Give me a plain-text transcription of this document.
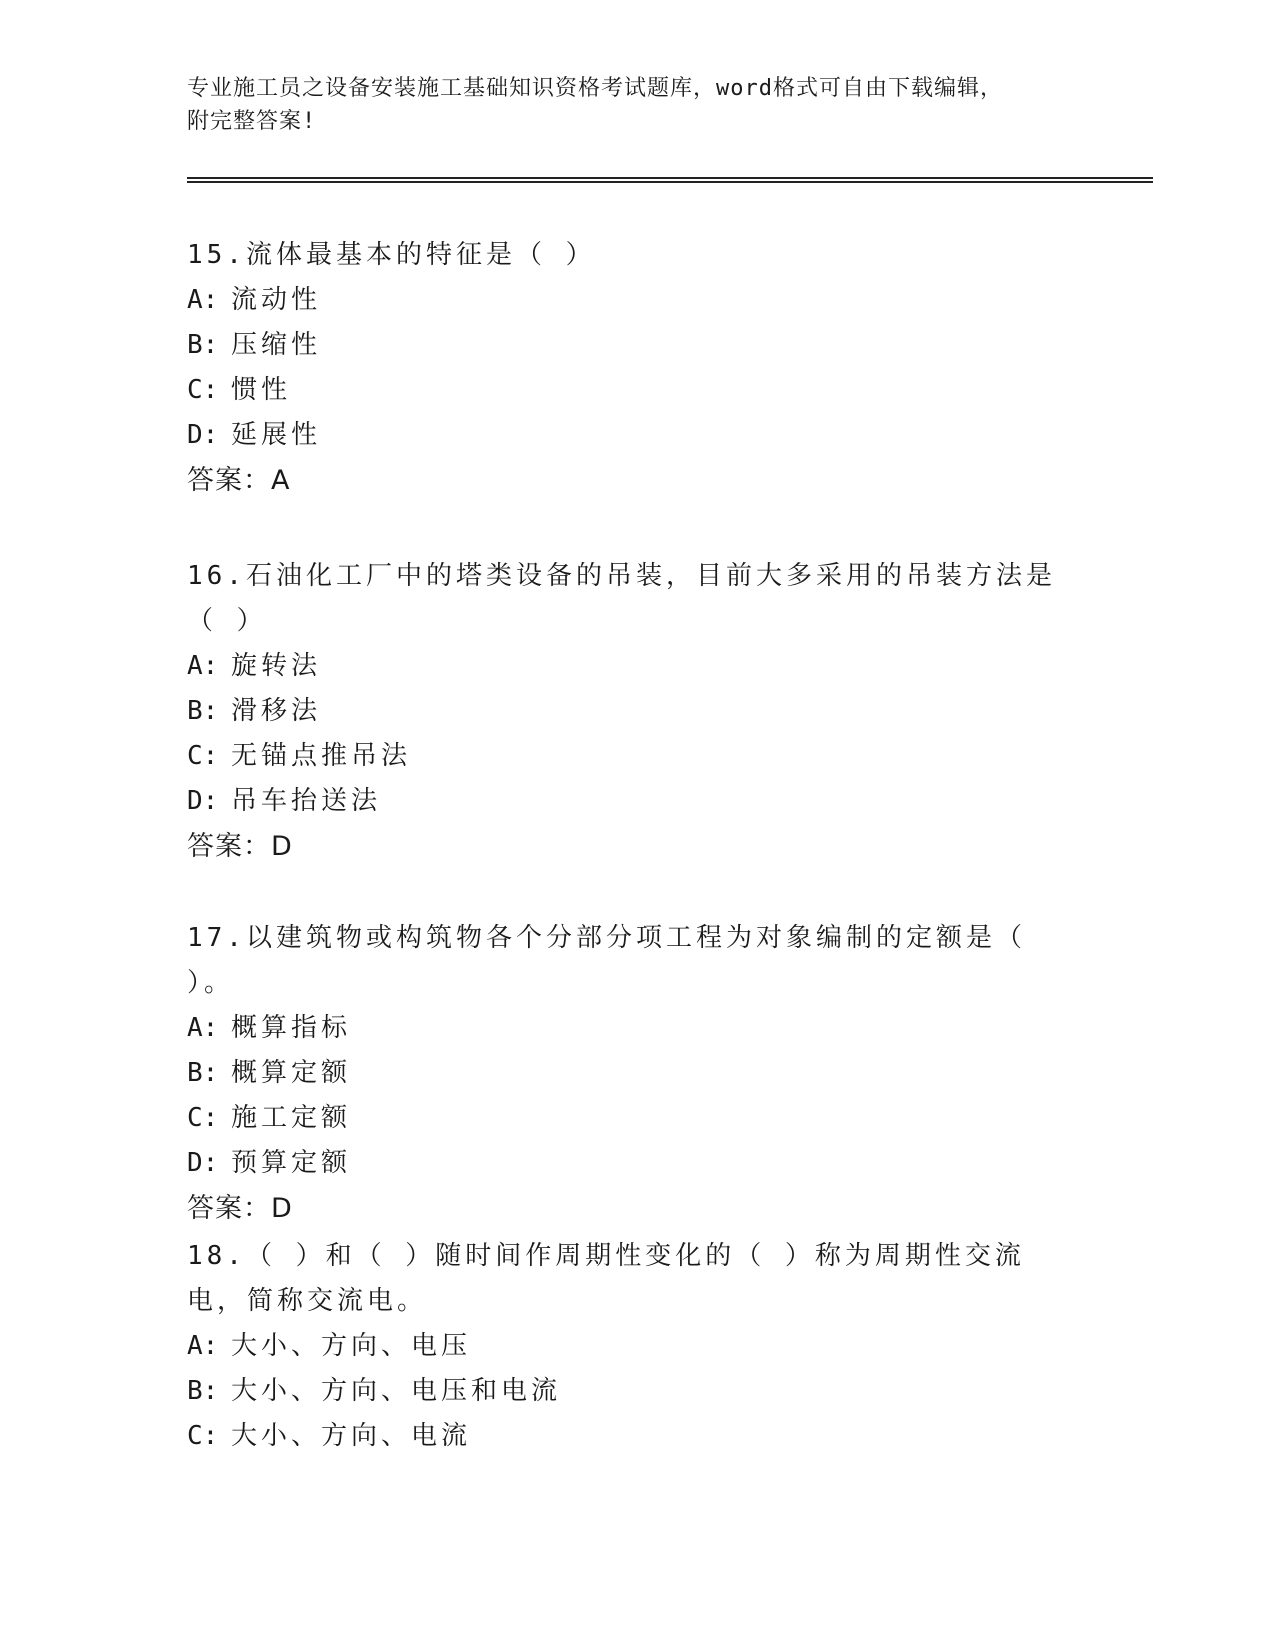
专业施工员之设备安装施工基础知识资格考试题库，word格式可自由下载编辑，
附完整答案!

15.流体最基本的特征是（ ）

A: 流动性

B: 压缩性

C: 惯性

D: 延展性

答案：A

16.石油化工厂中的塔类设备的吊装，目前大多采用的吊装方法是（ ）

A: 旋转法

B: 滑移法

C: 无锚点推吊法

D: 吊车抬送法

答案：D

17.以建筑物或构筑物各个分部分项工程为对象编制的定额是（ ）。

A: 概算指标

B: 概算定额

C: 施工定额

D: 预算定额

答案：D

18.（ ）和（ ）随时间作周期性变化的（ ）称为周期性交流电，简称交流电。

A: 大小、方向、电压

B: 大小、方向、电压和电流

C: 大小、方向、电流
